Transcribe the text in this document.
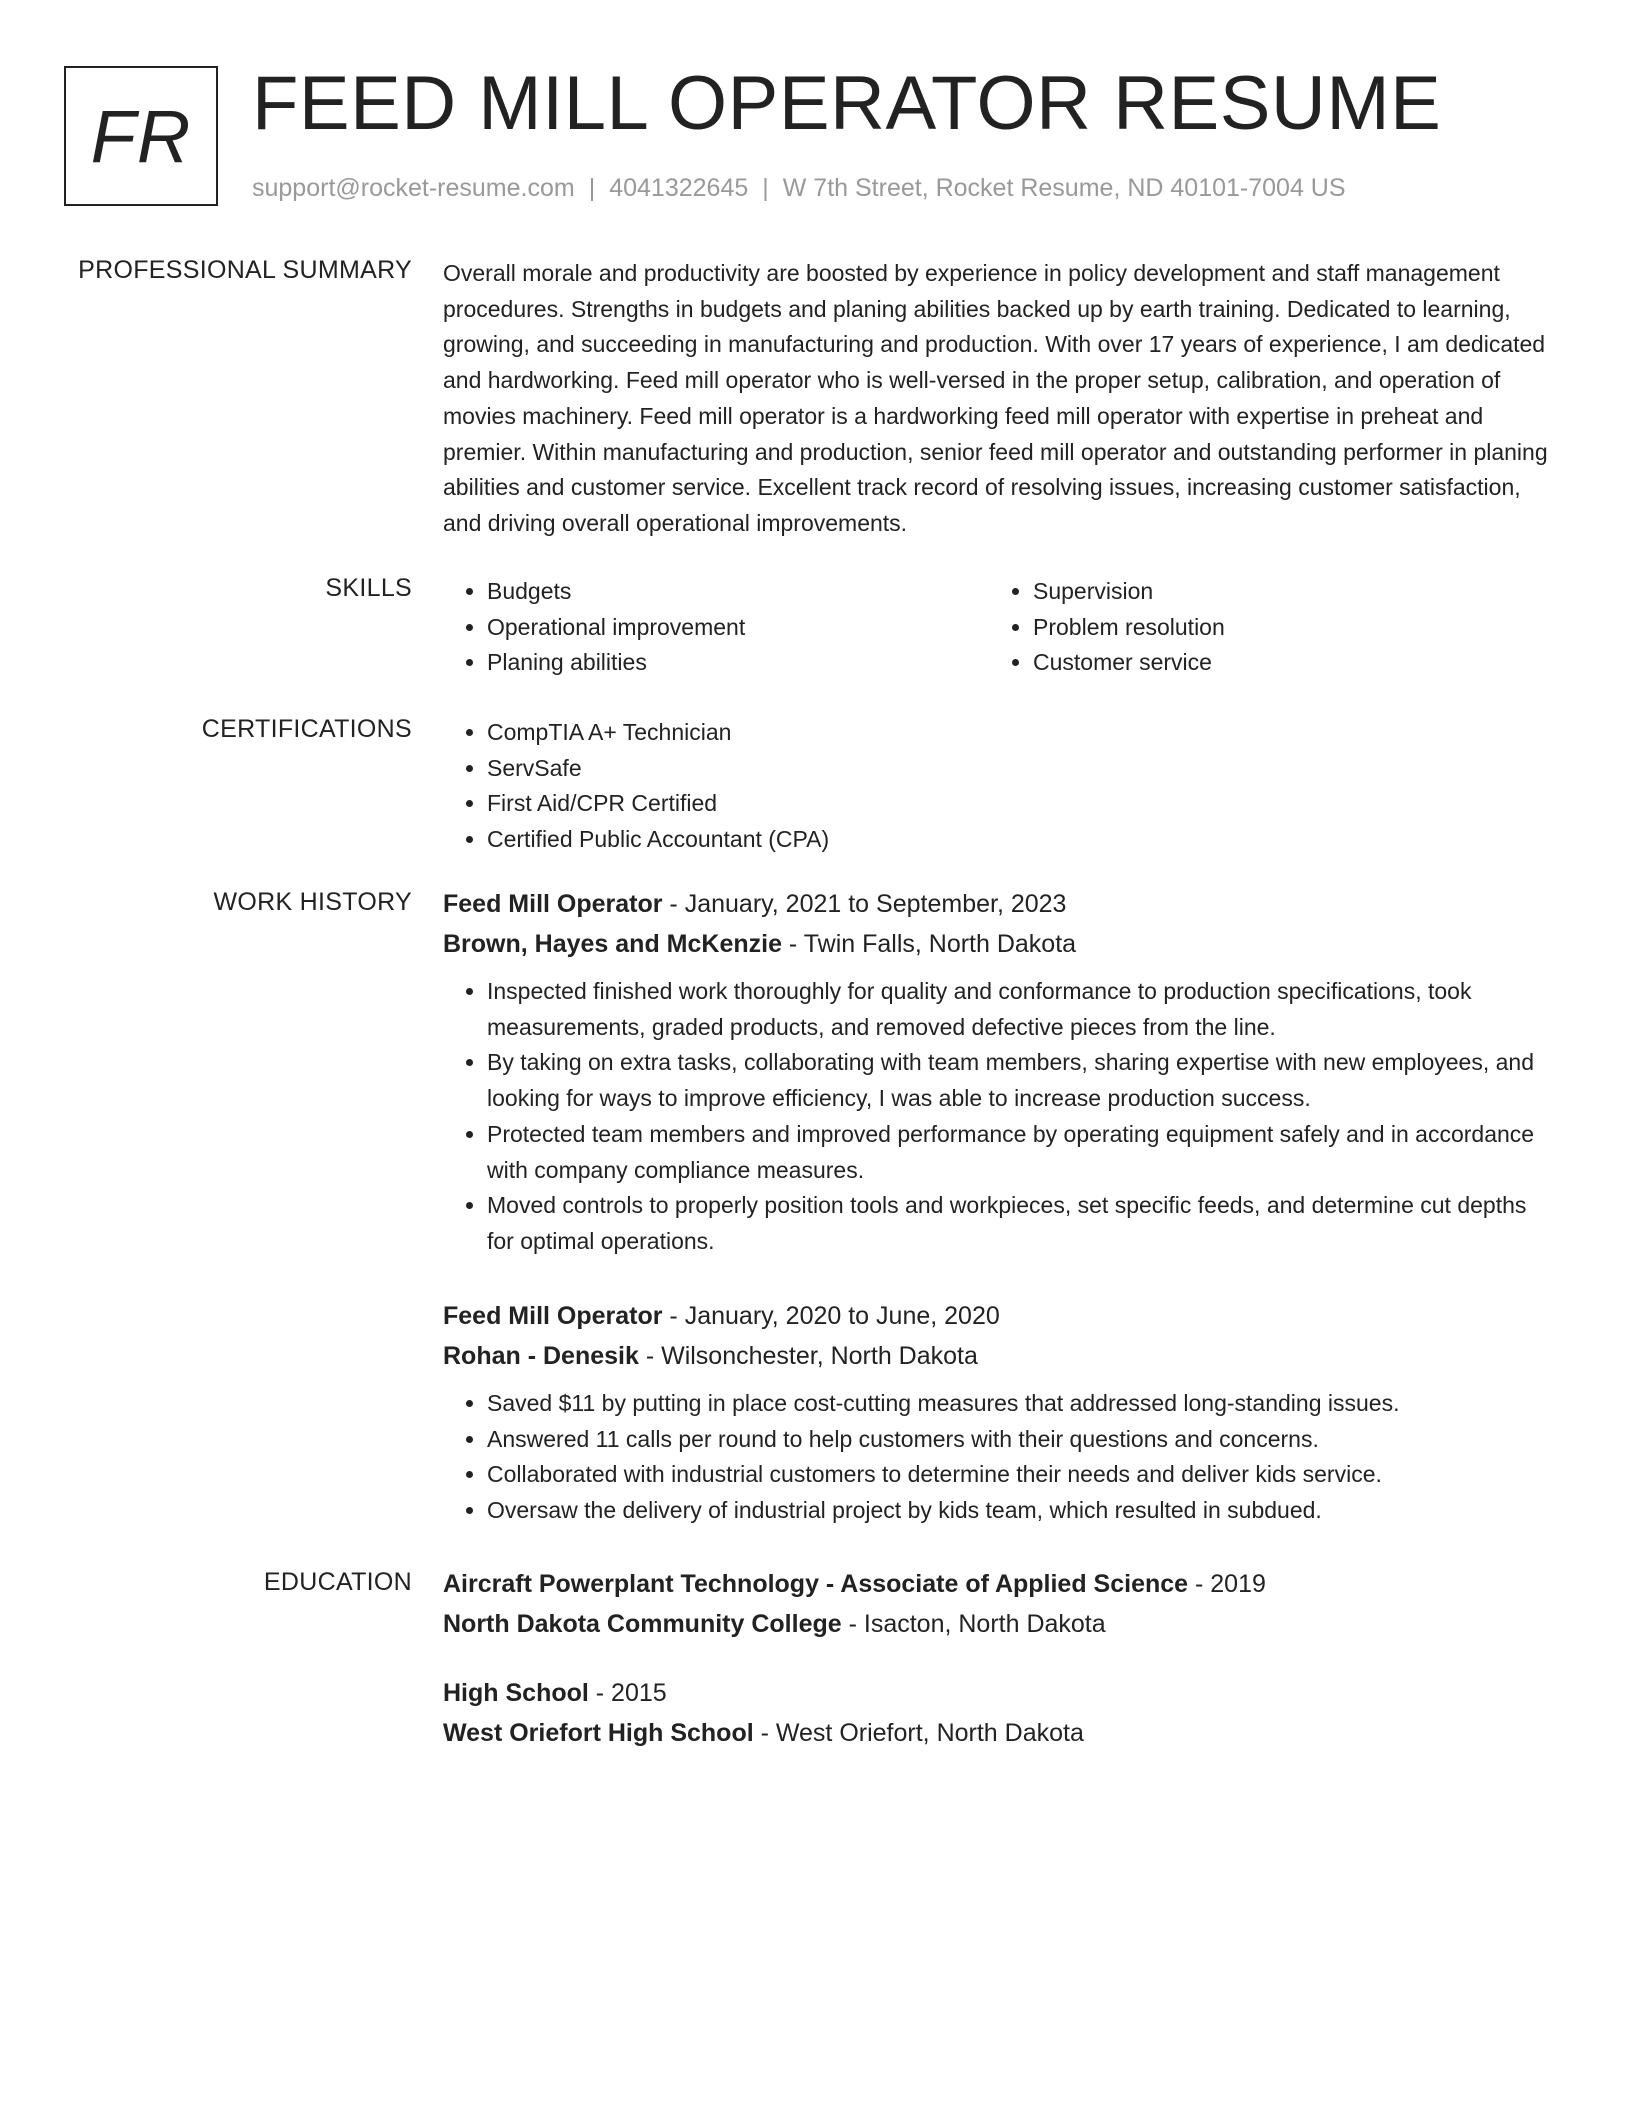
FR FEED MILL OPERATOR RESUME
support@rocket-resume.com | 4041322645 | W 7th Street, Rocket Resume, ND 40101-7004 US
PROFESSIONAL SUMMARY Overall morale and productivity are boosted by experience in policy development and staff management procedures. Strengths in budgets and planing abilities backed up by earth training. Dedicated to learning, growing, and succeeding in manufacturing and production. With over 17 years of experience, I am dedicated and hardworking. Feed mill operator who is well-versed in the proper setup, calibration, and operation of movies machinery. Feed mill operator is a hardworking feed mill operator with expertise in preheat and premier. Within manufacturing and production, senior feed mill operator and outstanding performer in planing abilities and customer service. Excellent track record of resolving issues, increasing customer satisfaction, and driving overall operational improvements.

SKILLS	• Budgets
• Operational improvement
• Planing abilities
• Supervision
• Problem resolution
• Customer service
CERTIFICATIONS	• CompTIA A+ Technician
• ServSafe
• First Aid/CPR Certified
• Certified Public Accountant (CPA)
WORK HISTORY Feed Mill Operator - January, 2021 to September, 2023
Brown, Hayes and McKenzie - Twin Falls, North Dakota
• Inspected finished work thoroughly for quality and conformance to production specifications, took measurements, graded products, and removed defective pieces from the line.
• By taking on extra tasks, collaborating with team members, sharing expertise with new employees, and looking for ways to improve efficiency, I was able to increase production success.
• Protected team members and improved performance by operating equipment safely and in accordance with company compliance measures.
• Moved controls to properly position tools and workpieces, set specific feeds, and determine cut depths for optimal operations.
Feed Mill Operator - January, 2020 to June, 2020
Rohan - Denesik - Wilsonchester, North Dakota
• Saved $11 by putting in place cost-cutting measures that addressed long-standing issues.
• Answered 11 calls per round to help customers with their questions and concerns.
• Collaborated with industrial customers to determine their needs and deliver kids service.
• Oversaw the delivery of industrial project by kids team, which resulted in subdued.
EDUCATION Aircraft Powerplant Technology - Associate of Applied Science - 2019
North Dakota Community College - Isacton, North Dakota
High School - 2015
West Oriefort High School - West Oriefort, North Dakota
